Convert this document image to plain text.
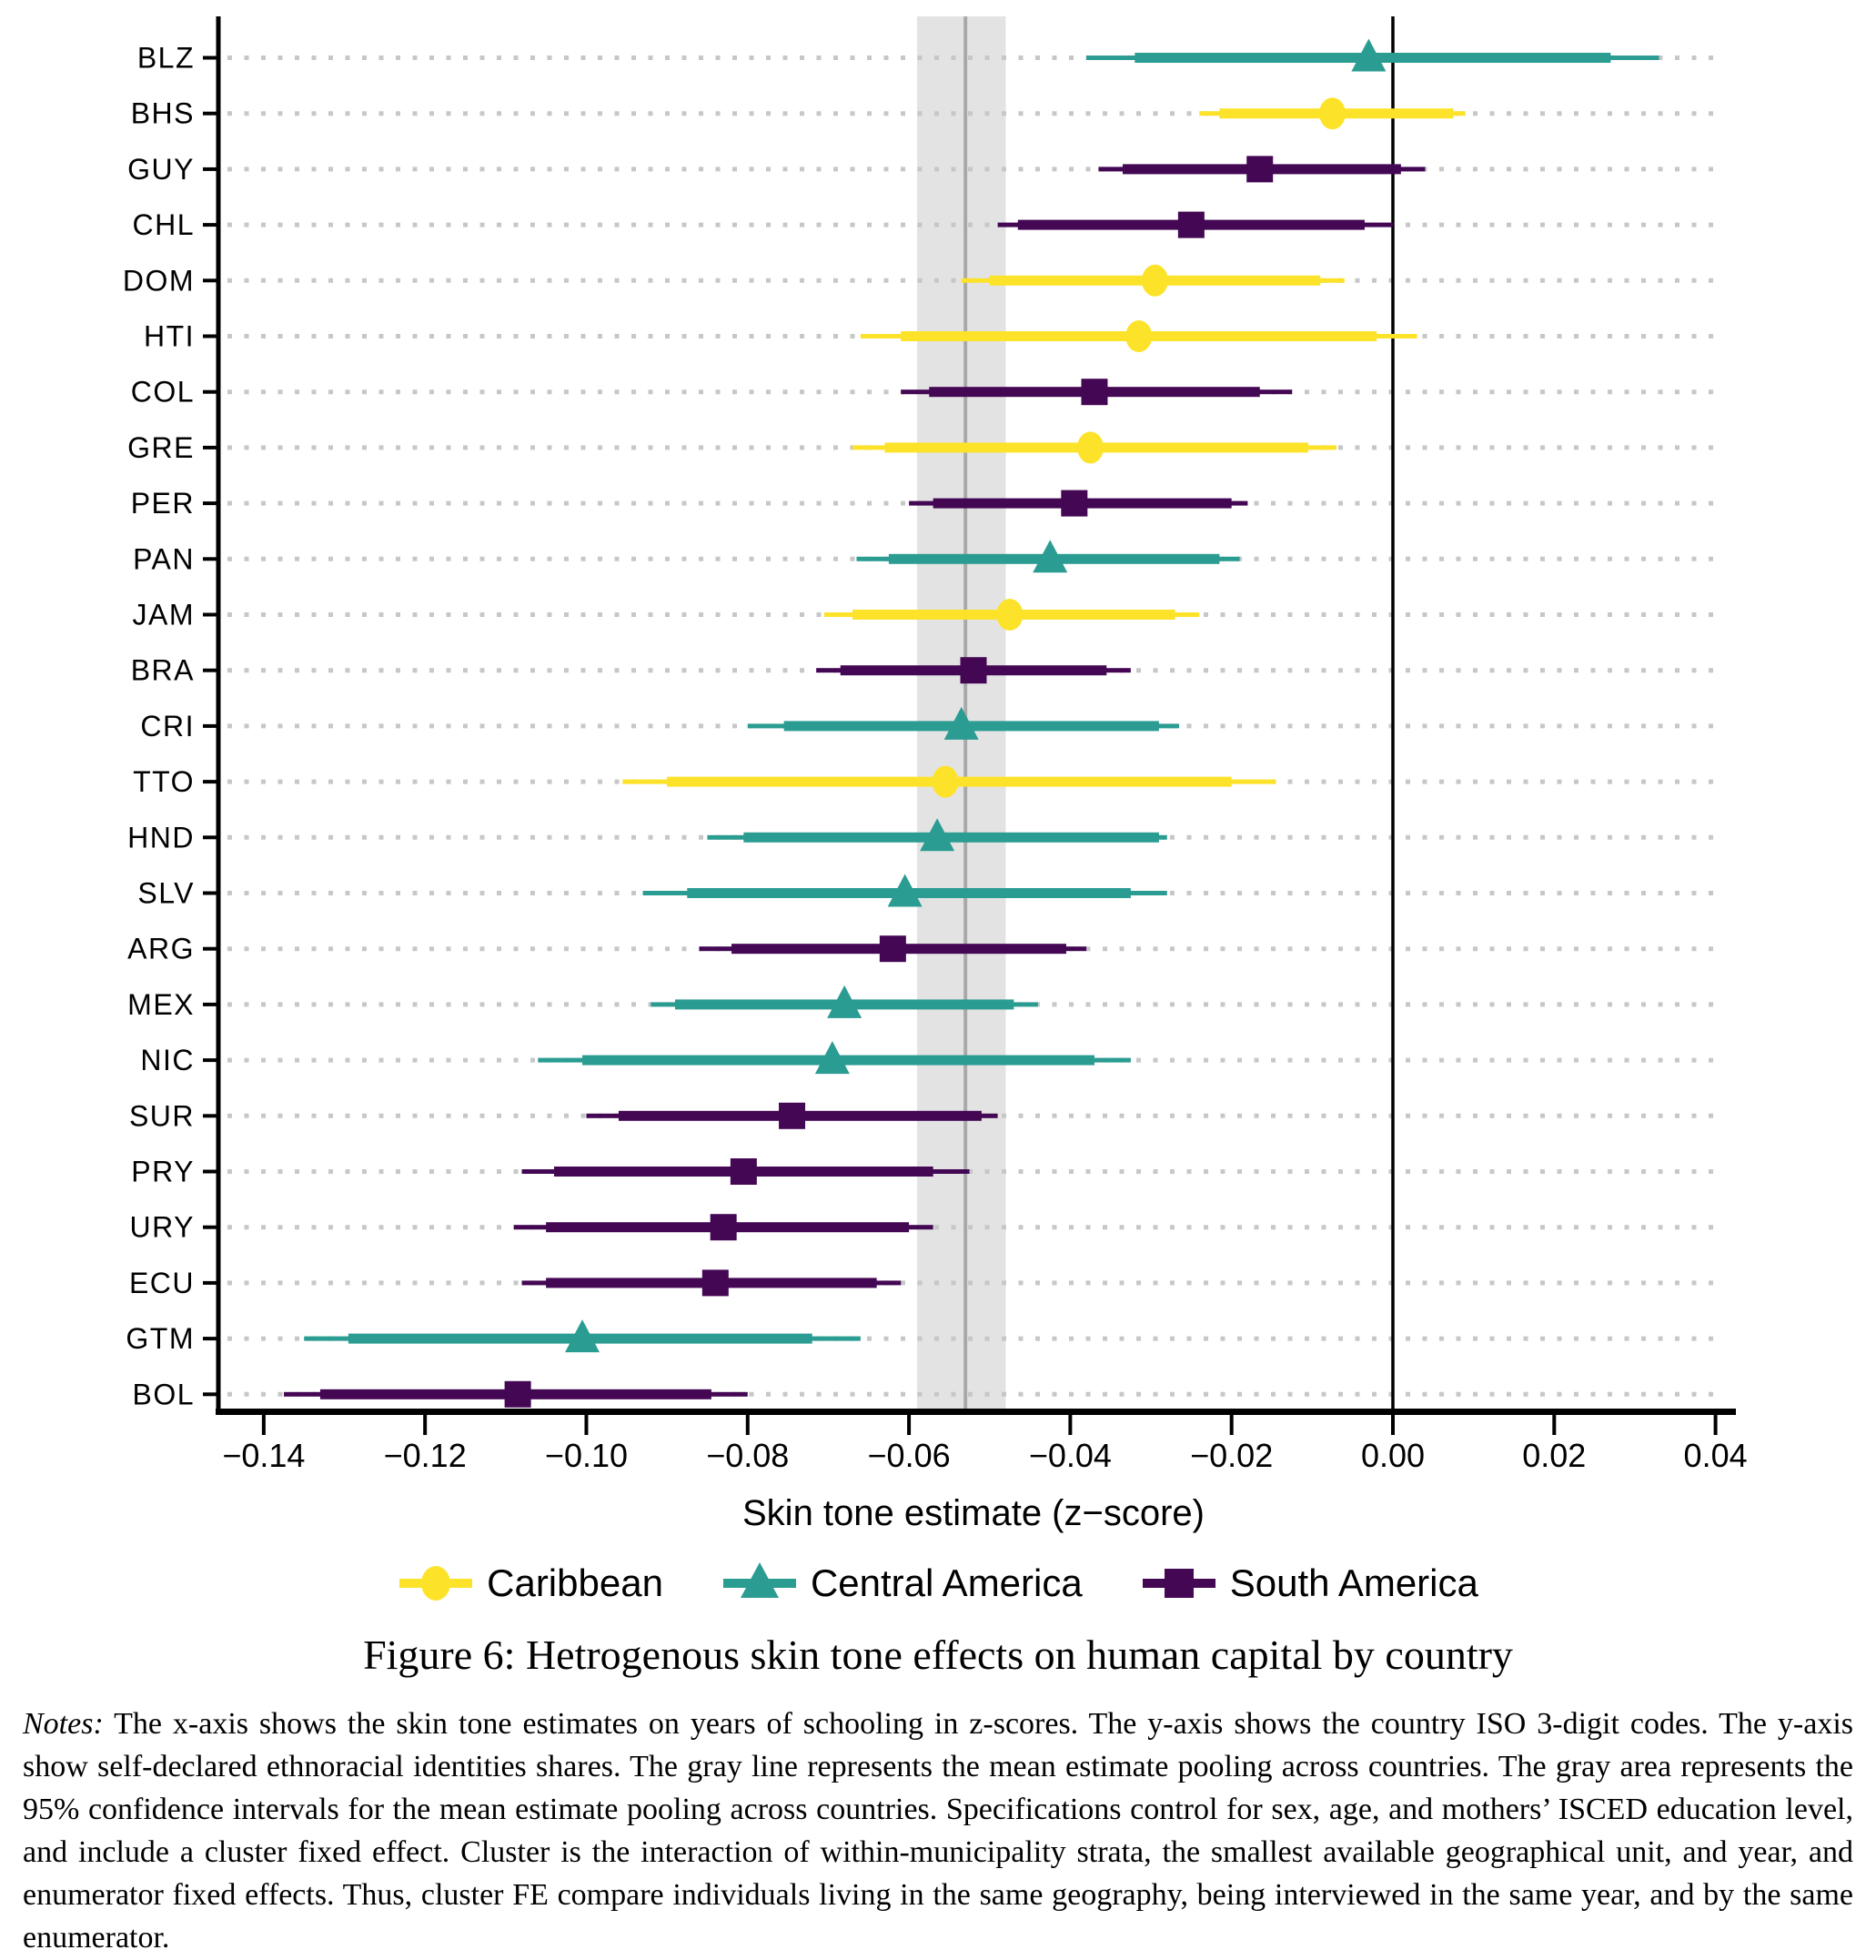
−0.14 −0.12 −0.10 −0.08 −0.06 −0.04 −0.02	0.00	0.02	0.04
Skin tone estimate (z−score)
BLZ
BHS
GUY
CHL
DOM
HTI
COL
GRE
PER
PAN
JAM
BRA
CRI
TTO
HND
SLV
ARG
MEX
NIC
SUR
PRY
URY
ECU
GTM
BOL
Caribbean	Central America	South America
Figure 6: Hetrogenous skin tone effects on human capital by country

Notes: The x-axis shows the skin tone estimates on years of schooling in z-scores. The y-axis shows the country ISO 3-digit codes. The y-axis show self-declared ethnoracial identities shares. The gray line represents the mean estimate pooling across countries. The gray area represents the 95% confidence intervals for the mean estimate pooling across countries. Specifications control for sex, age, and mothers’ ISCED education level, and include a cluster fixed effect. Cluster is the interaction of within-municipality strata, the smallest available geographical unit, and year, and enumerator fixed effects. Thus, cluster FE compare individuals living in the same geography, being interviewed in the same year, and by the same enumerator.
